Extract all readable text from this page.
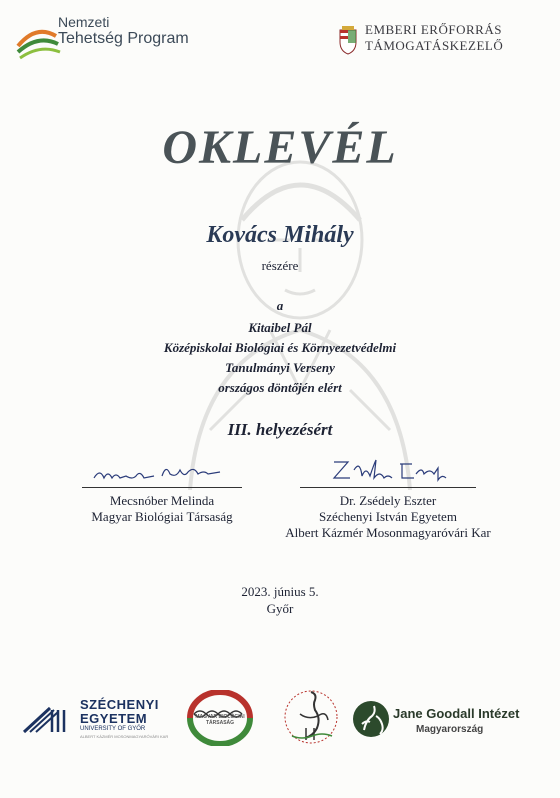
Nemzeti
Tehetség Program
EMBERI ERŐFORRÁS
TÁMOGATÁSKEZELŐ
OKLEVÉL
Kovács Mihály
részére
a
Kitaibel Pál
Középiskolai Biológiai és Környezetvédelmi
Tanulmányi Verseny
országos döntőjén elért
III. helyezésért
Mecsnóber Melinda
Magyar Biológiai Társaság
Dr. Zsédely Eszter
Széchenyi István Egyetem
Albert Kázmér Mosonmagyaróvári Kar
2023. június 5.
Győr
SZÉCHENYI
EGYETEM
UNIVERSITY OF GYŐR
ALBERT KÁZMÉR MOSONMAGYARÓVÁRI KAR
MAGYAR BIOLÓGIAI TÁRSASÁG
Jane Goodall Intézet
Magyarország
